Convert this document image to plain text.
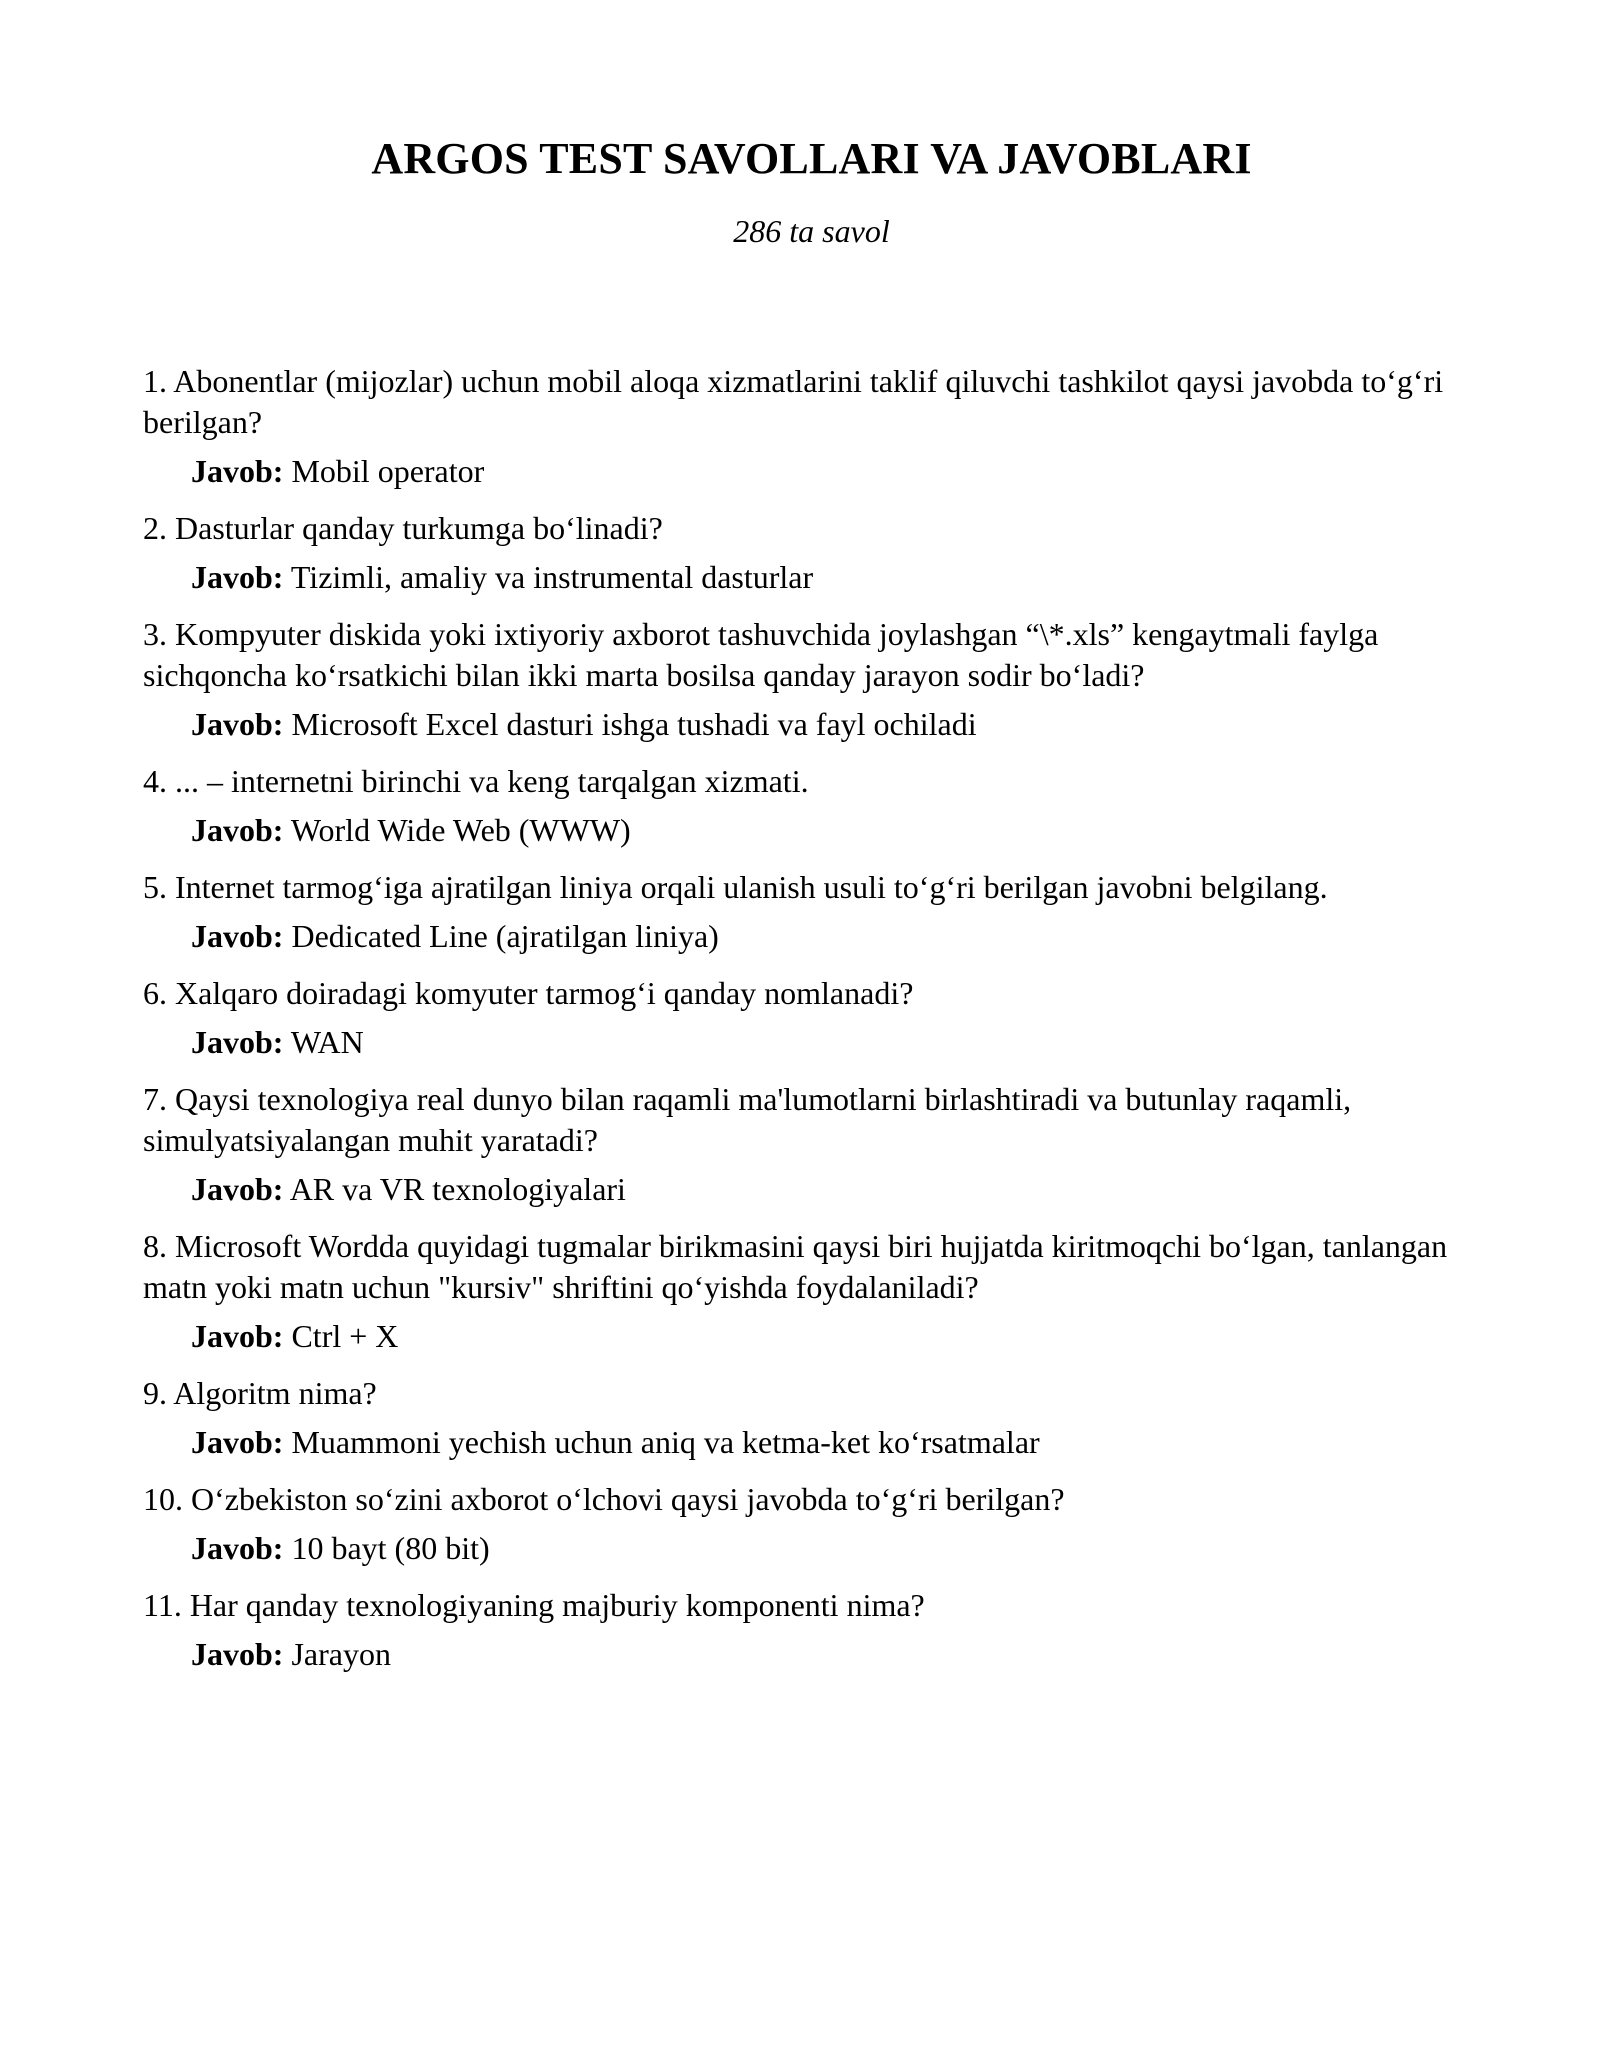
ARGOS TEST SAVOLLARI VA JAVOBLARI

286 ta savol

1. Abonentlar (mijozlar) uchun mobil aloqa xizmatlarini taklif qiluvchi tashkilot qaysi javobda to‘g‘ri berilgan?

Javob: Mobil operator

2. Dasturlar qanday turkumga bo‘linadi?

Javob: Tizimli, amaliy va instrumental dasturlar

3. Kompyuter diskida yoki ixtiyoriy axborot tashuvchida joylashgan “\*.xls” kengaytmali faylga sichqoncha ko‘rsatkichi bilan ikki marta bosilsa qanday jarayon sodir bo‘ladi?

Javob: Microsoft Excel dasturi ishga tushadi va fayl ochiladi

4. ... – internetni birinchi va keng tarqalgan xizmati.

Javob: World Wide Web (WWW)

5. Internet tarmog‘iga ajratilgan liniya orqali ulanish usuli to‘g‘ri berilgan javobni belgilang.

Javob: Dedicated Line (ajratilgan liniya)

6. Xalqaro doiradagi komyuter tarmog‘i qanday nomlanadi?

Javob: WAN

7. Qaysi texnologiya real dunyo bilan raqamli ma'lumotlarni birlashtiradi va butunlay raqamli, simulyatsiyalangan muhit yaratadi?

Javob: AR va VR texnologiyalari

8. Microsoft Wordda quyidagi tugmalar birikmasini qaysi biri hujjatda kiritmoqchi bo‘lgan, tanlangan matn yoki matn uchun "kursiv" shriftini qo‘yishda foydalaniladi?

Javob: Ctrl + X

9. Algoritm nima?

Javob: Muammoni yechish uchun aniq va ketma-ket ko‘rsatmalar

10. O‘zbekiston so‘zini axborot o‘lchovi qaysi javobda to‘g‘ri berilgan?

Javob: 10 bayt (80 bit)

11. Har qanday texnologiyaning majburiy komponenti nima?

Javob: Jarayon
